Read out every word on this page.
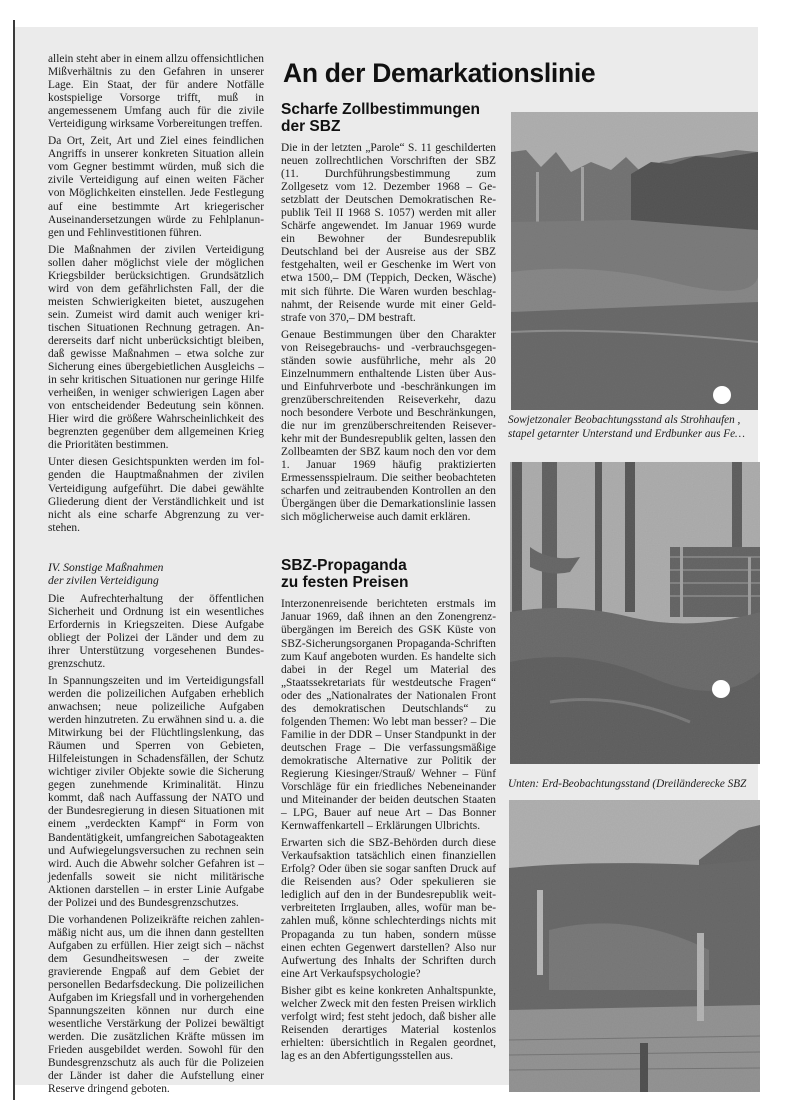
An der Demarkationslinie

allein steht aber in einem allzu offensichtlichen Mißverhältnis zu den Gefahren in unserer Lage. Ein Staat, der für andere Notfälle kostspielige Vorsorge trifft, muß in angemessenem Umfang auch für die zivile Verteidigung wirksame Vorbereitungen treffen.

Da Ort, Zeit, Art und Ziel eines feindlichen Angriffs in unserer konkreten Situation allein vom Gegner bestimmt würden, muß sich die zivile Verteidigung auf einen weiten Fächer von Möglichkeiten einstellen. Jede Festlegung auf eine bestimmte Art kriegerischer Auseinandersetzungen würde zu Fehlplanungen und Fehlinvestitionen führen.

Die Maßnahmen der zivilen Verteidigung sollen daher möglichst viele der möglichen Kriegsbilder berücksichtigen. Grundsätzlich wird von dem gefährlichsten Fall, der die meisten Schwierigkeiten bietet, auszugehen sein. Zumeist wird damit auch weniger kritischen Situationen Rechnung getragen. Andererseits darf nicht unberücksichtigt bleiben, daß gewisse Maßnahmen – etwa solche zur Sicherung eines übergebietlichen Ausgleichs – in sehr kritischen Situationen nur geringe Hilfe verheißen, in weniger schwierigen Lagen aber von entscheidender Bedeutung sein können. Hier wird die größere Wahrscheinlichkeit des begrenzten gegenüber dem allgemeinen Krieg die Prioritäten bestimmen.

Unter diesen Gesichtspunkten werden im folgenden die Hauptmaßnahmen der zivilen Verteidigung aufgeführt. Die dabei gewählte Gliederung dient der Verständlichkeit und ist nicht als eine scharfe Abgrenzung zu verstehen.

IV. Sonstige Maßnahmen
der zivilen Verteidigung

Die Aufrechterhaltung der öffentlichen Sicherheit und Ordnung ist ein wesentliches Erfordernis in Kriegszeiten. Diese Aufgabe obliegt der Polizei der Länder und dem zu ihrer Unterstützung vorgesehenen Bundesgrenzschutz.

In Spannungszeiten und im Verteidigungsfall werden die polizeilichen Aufgaben erheblich anwachsen; neue polizeiliche Aufgaben werden hinzutreten. Zu erwähnen sind u. a. die Mitwirkung bei der Flüchtlingslenkung, das Räumen und Sperren von Gebieten, Hilfeleistungen in Schadensfällen, der Schutz wichtiger ziviler Objekte sowie die Sicherung gegen zunehmende Kriminalität. Hinzu kommt, daß nach Auffassung der NATO und der Bundesregierung in diesen Situationen mit einem „verdeckten Kampf“ in Form von Bandentätigkeit, umfangreichen Sabotageakten und Aufwiegelungsversuchen zu rechnen sein wird. Auch die Abwehr solcher Gefahren ist – jedenfalls soweit sie nicht militärische Aktionen darstellen – in erster Linie Aufgabe der Polizei und des Bundesgrenzschutzes.

Die vorhandenen Polizeikräfte reichen zahlenmäßig nicht aus, um die ihnen dann gestellten Aufgaben zu erfüllen. Hier zeigt sich – nächst dem Gesundheitswesen – der zweite gravierende Engpaß auf dem Gebiet der personellen Bedarfsdeckung. Die polizeilichen Aufgaben im Kriegsfall und in vorhergehenden Spannungszeiten können nur durch eine wesentliche Verstärkung der Polizei bewältigt werden. Die zusätzlichen Kräfte müssen im Frieden ausgebildet werden. Sowohl für den Bundesgrenzschutz als auch für die Polizeien der Länder ist daher die Aufstellung einer Reserve dringend geboten.

Scharfe Zollbestimmungen
der SBZ

Die in der letzten „Parole“ S. 11 geschilderten neuen zollrechtlichen Vorschriften der SBZ (11. Durchführungsbestimmung zum Zollgesetz vom 12. Dezember 1968 – Gesetzblatt der Deutschen Demokratischen Republik Teil II 1968 S. 1057) werden mit aller Schärfe angewendet. Im Januar 1969 wurde ein Bewohner der Bundesrepublik Deutschland bei der Ausreise aus der SBZ festgehalten, weil er Geschenke im Wert von etwa 1500,– DM (Teppich, Decken, Wäsche) mit sich führte. Die Waren wurden beschlagnahmt, der Reisende wurde mit einer Geldstrafe von 370,– DM bestraft.

Genaue Bestimmungen über den Charakter von Reisegebrauchs- und -verbrauchsgegenständen sowie ausführliche, mehr als 20 Einzelnummern enthaltende Listen über Aus- und Einfuhrverbote und -beschränkungen im grenzüberschreitenden Reiseverkehr, dazu noch besondere Verbote und Beschränkungen, die nur im grenzüberschreitenden Reiseverkehr mit der Bundesrepublik gelten, lassen den Zollbeamten der SBZ kaum noch den vor dem 1. Januar 1969 häufig praktizierten Ermessensspielraum. Die seither beobachteten scharfen und zeitraubenden Kontrollen an den Übergängen über die Demarkationslinie lassen sich möglicherweise auch damit erklären.

SBZ-Propaganda
zu festen Preisen

Interzonenreisende berichteten erstmals im Januar 1969, daß ihnen an den Zonengrenzübergängen im Bereich des GSK Küste von SBZ-Sicherungsorganen Propaganda-Schriften zum Kauf angeboten wurden. Es handelte sich dabei in der Regel um Material des „Staatssekretariats für westdeutsche Fragen“ oder des „Nationalrates der Nationalen Front des demokratischen Deutschlands“ zu folgenden Themen: Wo lebt man besser? – Die Familie in der DDR – Unser Standpunkt in der deutschen Frage – Die verfassungsmäßige demokratische Alternative zur Politik der Regierung Kiesinger/Strauß/ Wehner – Fünf Vorschläge für ein friedliches Nebeneinander und Miteinander der beiden deutschen Staaten – LPG, Bauer auf neue Art – Das Bonner Kernwaffenkartell – Erklärungen Ulbrichts.

Erwarten sich die SBZ-Behörden durch diese Verkaufsaktion tatsächlich einen finanziellen Erfolg? Oder üben sie sogar sanften Druck auf die Reisenden aus? Oder spekulieren sie lediglich auf den in der Bundesrepublik weitverbreiteten Irrglauben, alles, wofür man bezahlen muß, könne schlechterdings nichts mit Propaganda zu tun haben, sondern müsse einen echten Gegenwert darstellen? Also nur Aufwertung des Inhalts der Schriften durch eine Art Verkaufspsychologie?

Bisher gibt es keine konkreten Anhaltspunkte, welcher Zweck mit den festen Preisen wirklich verfolgt wird; fest steht jedoch, daß bisher alle Reisenden derartiges Material kostenlos erhielten: übersichtlich in Regalen geordnet, lag es an den Abfertigungsstellen aus.

Sowjetzonaler Beobachtungsstand als Strohhaufen ,
stapel getarnter Unterstand und Erdbunker aus Fe…
Unten: Erd-Beobachtungsstand (Dreiländerecke SBZ
